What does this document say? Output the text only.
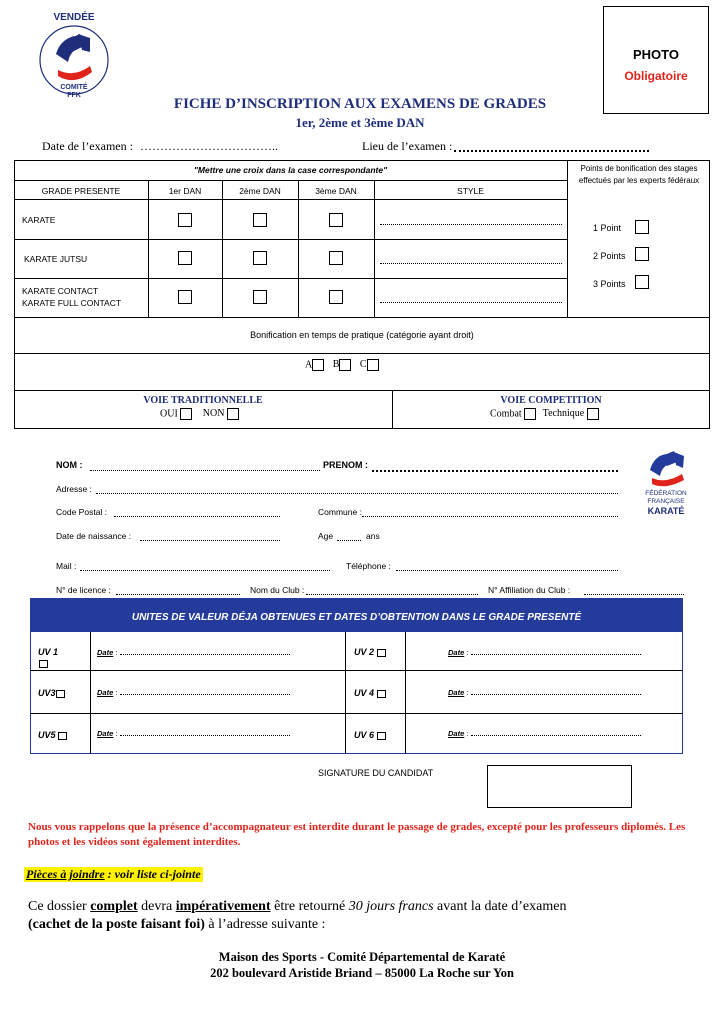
VENDÉE
COMITÉ
FFK
PHOTO
Obligatoire
FICHE D’INSCRIPTION AUX EXAMENS DE GRADES
1er, 2ème et 3ème DAN
Date de l’examen : ……………………………..	Lieu de l’examen :
"Mettre une croix dans la case correspondante"	Points de bonification des stages effectués par les experts fédéraux
GRADE PRESENTE	1er DAN	2ème DAN	3ème DAN	STYLE
KARATE
KARATE JUTSU
KARATE CONTACT
KARATE FULL CONTACT
1 Point
2 Points
3 Points
Bonification en temps de pratique (catégorie ayant droit)
A B C
VOIE TRADITIONNELLE
OUI	NON
VOIE COMPETITION
Combat Technique
NOM :	PRENOM :
Adresse :
Code Postal :	Commune :
Date de naissance :	Age	ans
Mail :	Téléphone :
N° de licence :	Nom du Club :	N° Affiliation du Club :
FÉDÉRATION
FRANÇAISE
KARATÉ
UNITES DE VALEUR DÉJA OBTENUES ET DATES D’OBTENTION DANS LE GRADE PRESENTÉ
UV 1	Date :	UV 2	Date :
UV3	Date :	UV 4	Date :
UV5	Date :	UV 6	Date :
SIGNATURE DU CANDIDAT
Nous vous rappelons que la présence d’accompagnateur est interdite durant le passage de grades, excepté pour les professeurs diplomés. Les photos et les vidéos sont également interdites.
Pièces à joindre : voir liste ci-jointe
Ce dossier complet devra impérativement être retourné 30 jours francs avant la date d’examen
(cachet de la poste faisant foi) à l’adresse suivante :
Maison des Sports - Comité Départemental de Karaté
202 boulevard Aristide Briand – 85000 La Roche sur Yon
